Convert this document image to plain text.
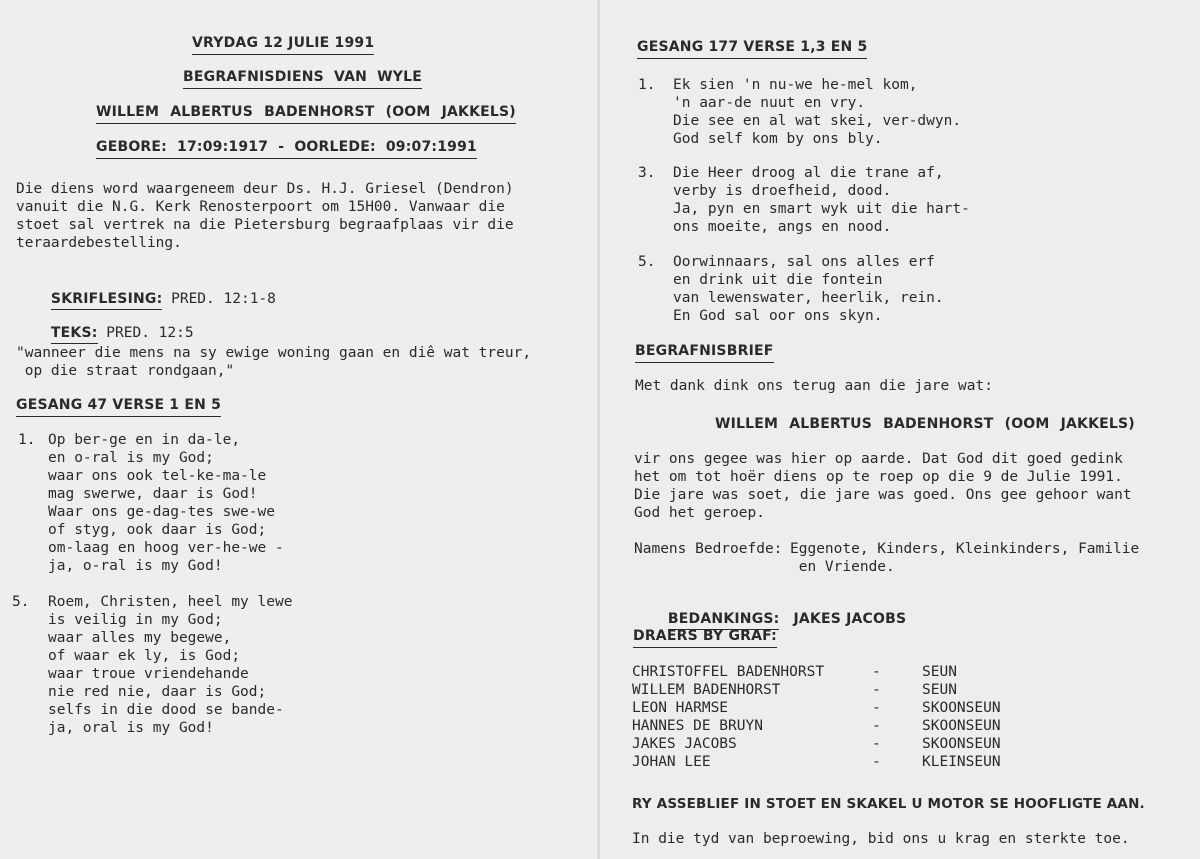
VRYDAG 12 JULIE 1991
BEGRAFNISDIENS VAN WYLE
WILLEM ALBERTUS BADENHORST (OOM JAKKELS)
GEBORE: 17:09:1917 - OORLEDE: 09:07:1991
Die diens word waargeneem deur Ds. H.J. Griesel (Dendron)
vanuit die N.G. Kerk Renosterpoort om 15H00. Vanwaar die
stoet sal vertrek na die Pietersburg begraafplaas vir die
teraardebestelling.

SKRIFLESING: PRED. 12:1-8

TEKS: PRED. 12:5

"wanneer die mens na sy ewige woning gaan en diê wat treur,
op die straat rondgaan,"
GESANG 47 VERSE 1 EN 5
1. Op ber-ge en in da-le,
en o-ral is my God;
waar ons ook tel-ke-ma-le
mag swerwe, daar is God!
Waar ons ge-dag-tes swe-we
of styg, ook daar is God;
om-laag en hoog ver-he-we -
ja, o-ral is my God!
5. Roem, Christen, heel my lewe
is veilig in my God;
waar alles my begewe,
of waar ek ly, is God;
waar troue vriendehande
nie red nie, daar is God;
selfs in die dood se bande-
ja, oral is my God!
GESANG 177 VERSE 1,3 EN 5
1. Ek sien 'n nu-we he-mel kom,
'n aar-de nuut en vry.
Die see en al wat skei, ver-dwyn.
God self kom by ons bly.
3. Die Heer droog al die trane af,
verby is droefheid, dood.
Ja, pyn en smart wyk uit die hart-
ons moeite, angs en nood.
5. Oorwinnaars, sal ons alles erf
en drink uit die fontein
van lewenswater, heerlik, rein.
En God sal oor ons skyn.
BEGRAFNISBRIEF
Met dank dink ons terug aan die jare wat:
WILLEM ALBERTUS BADENHORST (OOM JAKKELS)
vir ons gegee was hier op aarde. Dat God dit goed gedink
het om tot hoër diens op te roep op die 9 de Julie 1991.
Die jare was soet, die jare was goed. Ons gee gehoor want
God het geroep.
Namens Bedroefde: Eggenote, Kinders, Kleinkinders, Familie
en Vriende.

BEDANKINGS: JAKES JACOBS

DRAERS BY GRAF:
CHRISTOFFEL BADENHORST	-	SEUN
WILLEM BADENHORST	-	SEUN
LEON HARMSE	-	SKOONSEUN
HANNES DE BRUYN	-	SKOONSEUN
JAKES JACOBS	-	SKOONSEUN
JOHAN LEE	-	KLEINSEUN
RY ASSEBLIEF IN STOET EN SKAKEL U MOTOR SE HOOFLIGTE AAN.
In die tyd van beproewing, bid ons u krag en sterkte toe.
